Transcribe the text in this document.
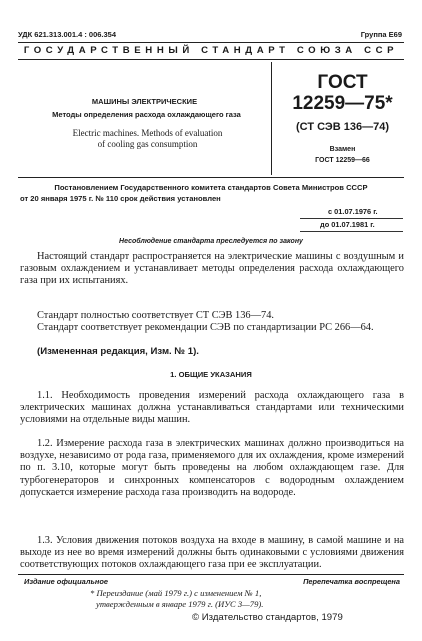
УДК 621.313.001.4 : 006.354	Группа Е69
ГОСУДАРСТВЕННЫЙ СТАНДАРТ СОЮЗА ССР
МАШИНЫ ЭЛЕКТРИЧЕСКИЕ
Методы определения расхода охлаждающего газа
Electric machines. Methods of evaluation
of cooling gas consumption
ГОСТ
12259—75*
(СТ СЭВ 136—74)
Взамен
ГОСТ 12259—66
Постановлением Государственного комитета стандартов Совета Министров СССР
от 20 января 1975 г. № 110 срок действия установлен
с 01.07.1976 г.
до 01.07.1981 г.
Несоблюдение стандарта преследуется по закону

Настоящий стандарт распространяется на электрические машины с воздушным и газовым охлаждением и устанавливает методы определения расхода охлаждающего газа при их испытаниях.

Стандарт полностью соответствует СТ СЭВ 136—74.

Стандарт соответствует рекомендации СЭВ по стандартизации РС 266—64.

(Измененная редакция, Изм. № 1).

1. ОБЩИЕ УКАЗАНИЯ

1.1. Необходимость проведения измерений расхода охлаждающего газа в электрических машинах должна устанавливаться стандартами или техническими условиями на отдельные виды машин.

1.2. Измерение расхода газа в электрических машинах должно производиться на воздухе, независимо от рода газа, применяемого для их охлаждения, кроме измерений по п. 3.10, которые могут быть проведены на любом охлаждающем газе. Для турбогенераторов и синхронных компенсаторов с водородным охлаждением допускается измерение расхода газа производить на водороде.

1.3. Условия движения потоков воздуха на входе в машину, в самой машине и на выходе из нее во время измерений должны быть одинаковыми с условиями движения соответствующих потоков охлаждающего газа при ее эксплуатации.

Издание официальное	Перепечатка воспрещена
* Переиздание (май 1979 г.) с изменением № 1,
утвержденным в январе 1979 г. (ИУС 3—79).
© Издательство стандартов, 1979
